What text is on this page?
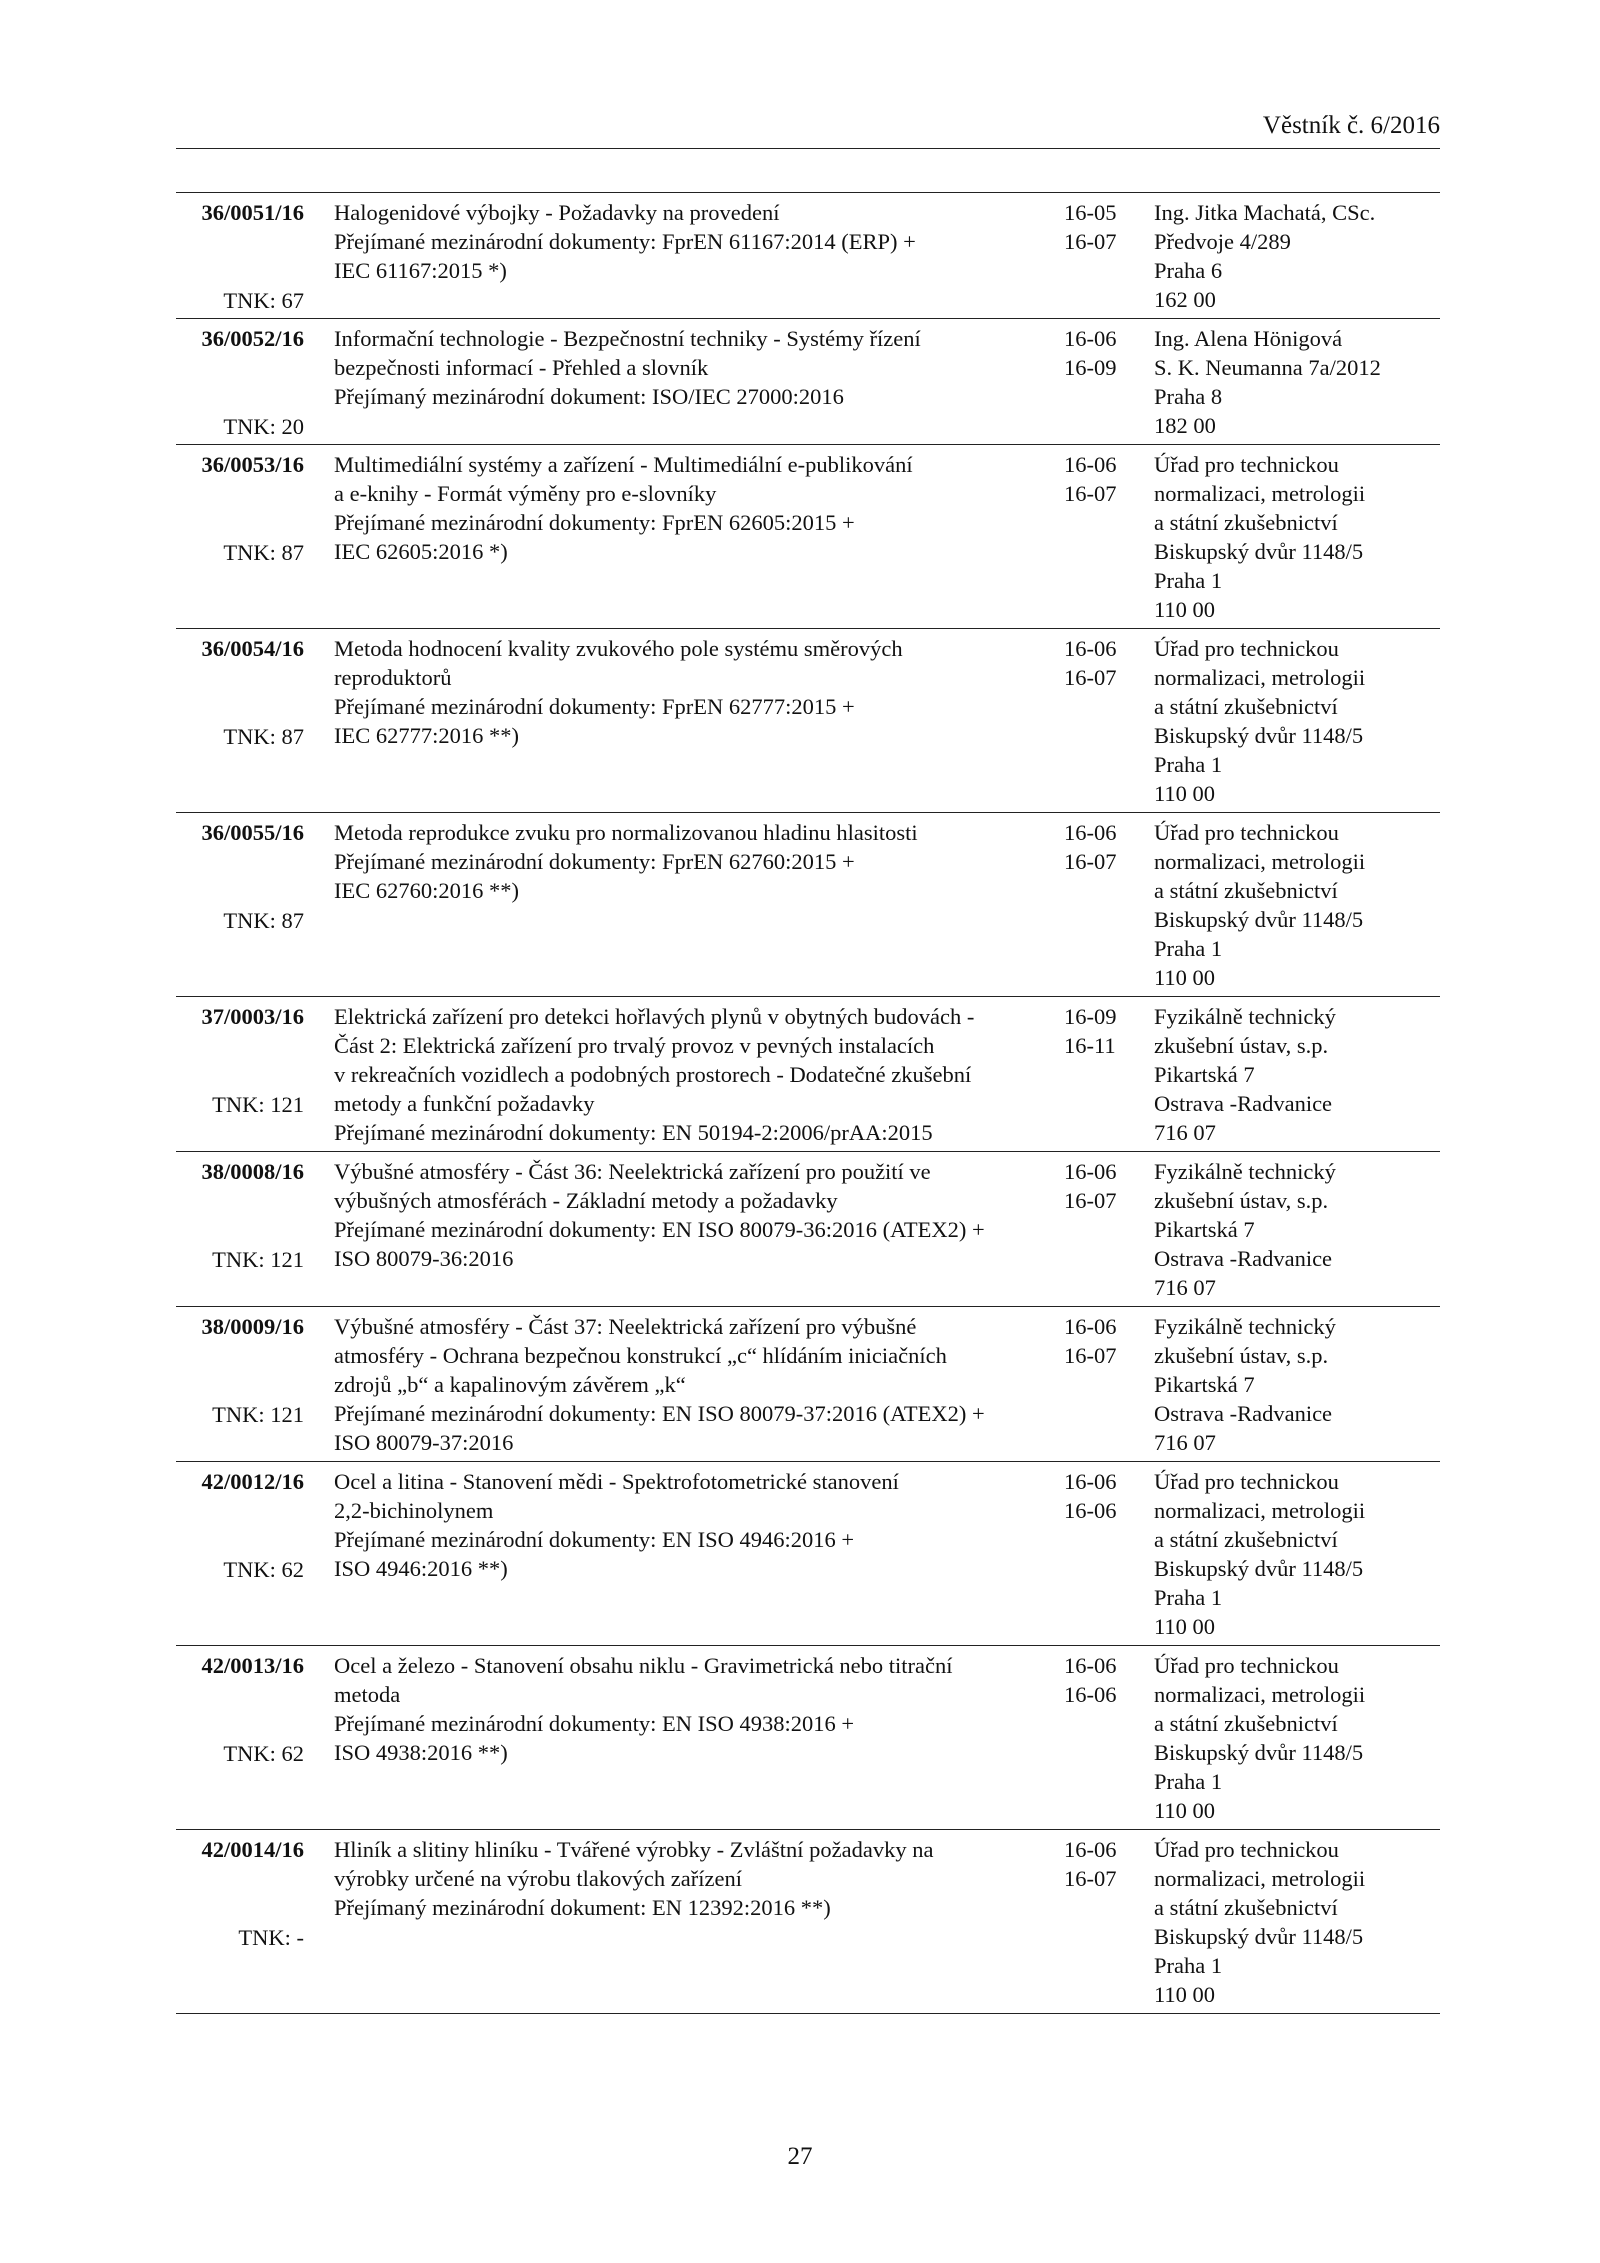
Věstník č. 6/2016
36/0051/16
TNK: 67
Halogenidové výbojky - Požadavky na provedení
Přejímané mezinárodní dokumenty: FprEN 61167:2014 (ERP) +
IEC 61167:2015 *)
16-05
16-07
Ing. Jitka Machatá, CSc.
Předvoje 4/289
Praha 6
162 00
36/0052/16
TNK: 20
Informační technologie - Bezpečnostní techniky - Systémy řízení
bezpečnosti informací - Přehled a slovník
Přejímaný mezinárodní dokument: ISO/IEC 27000:2016
16-06
16-09
Ing. Alena Hönigová
S. K. Neumanna 7a/2012
Praha 8
182 00
36/0053/16
TNK: 87
Multimediální systémy a zařízení - Multimediální e-publikování
a e-knihy - Formát výměny pro e-slovníky
Přejímané mezinárodní dokumenty: FprEN 62605:2015 +
IEC 62605:2016 *)
16-06
16-07
Úřad pro technickou
normalizaci, metrologii
a státní zkušebnictví
Biskupský dvůr 1148/5
Praha 1
110 00
36/0054/16
TNK: 87
Metoda hodnocení kvality zvukového pole systému směrových
reproduktorů
Přejímané mezinárodní dokumenty: FprEN 62777:2015 +
IEC 62777:2016 **)
16-06
16-07
Úřad pro technickou
normalizaci, metrologii
a státní zkušebnictví
Biskupský dvůr 1148/5
Praha 1
110 00
36/0055/16
TNK: 87
Metoda reprodukce zvuku pro normalizovanou hladinu hlasitosti
Přejímané mezinárodní dokumenty: FprEN 62760:2015 +
IEC 62760:2016 **)
16-06
16-07
Úřad pro technickou
normalizaci, metrologii
a státní zkušebnictví
Biskupský dvůr 1148/5
Praha 1
110 00
37/0003/16
TNK: 121
Elektrická zařízení pro detekci hořlavých plynů v obytných budovách -
Část 2: Elektrická zařízení pro trvalý provoz v pevných instalacích
v rekreačních vozidlech a podobných prostorech - Dodatečné zkušební
metody a funkční požadavky
Přejímané mezinárodní dokumenty: EN 50194-2:2006/prAA:2015
16-09
16-11
Fyzikálně technický
zkušební ústav, s.p.
Pikartská 7
Ostrava -Radvanice
716 07
38/0008/16
TNK: 121
Výbušné atmosféry - Část 36: Neelektrická zařízení pro použití ve
výbušných atmosférách - Základní metody a požadavky
Přejímané mezinárodní dokumenty: EN ISO 80079-36:2016 (ATEX2) +
ISO 80079-36:2016
16-06
16-07
Fyzikálně technický
zkušební ústav, s.p.
Pikartská 7
Ostrava -Radvanice
716 07
38/0009/16
TNK: 121
Výbušné atmosféry - Část 37: Neelektrická zařízení pro výbušné
atmosféry - Ochrana bezpečnou konstrukcí „c“ hlídáním iniciačních
zdrojů „b“ a kapalinovým závěrem „k“
Přejímané mezinárodní dokumenty: EN ISO 80079-37:2016 (ATEX2) +
ISO 80079-37:2016
16-06
16-07
Fyzikálně technický
zkušební ústav, s.p.
Pikartská 7
Ostrava -Radvanice
716 07
42/0012/16
TNK: 62
Ocel a litina - Stanovení mědi - Spektrofotometrické stanovení
2,2-bichinolynem
Přejímané mezinárodní dokumenty: EN ISO 4946:2016 +
ISO 4946:2016 **)
16-06
16-06
Úřad pro technickou
normalizaci, metrologii
a státní zkušebnictví
Biskupský dvůr 1148/5
Praha 1
110 00
42/0013/16
TNK: 62
Ocel a železo - Stanovení obsahu niklu - Gravimetrická nebo titrační
metoda
Přejímané mezinárodní dokumenty: EN ISO 4938:2016 +
ISO 4938:2016 **)
16-06
16-06
Úřad pro technickou
normalizaci, metrologii
a státní zkušebnictví
Biskupský dvůr 1148/5
Praha 1
110 00
42/0014/16
TNK: -
Hliník a slitiny hliníku - Tvářené výrobky - Zvláštní požadavky na
výrobky určené na výrobu tlakových zařízení
Přejímaný mezinárodní dokument: EN 12392:2016 **)
16-06
16-07
Úřad pro technickou
normalizaci, metrologii
a státní zkušebnictví
Biskupský dvůr 1148/5
Praha 1
110 00
27
